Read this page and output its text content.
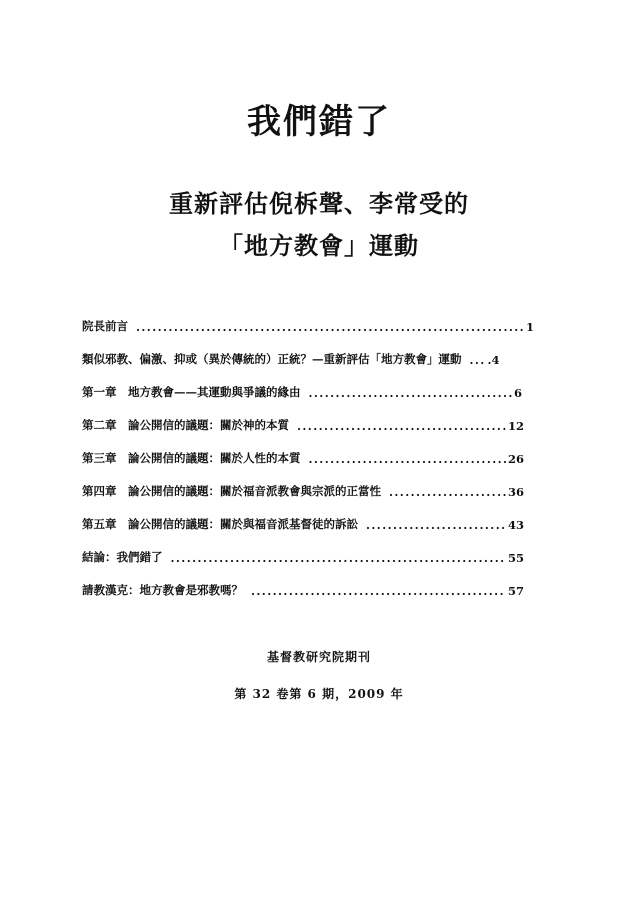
我們錯了
重新評估倪柝聲、李常受的
「地方教會」運動
院長前言 .....	1
類似邪教、偏激、抑或（異於傳統的）正統？—重新評估「地方教會」運動 ..... .4
第一章　地方教會——其運動與爭議的緣由 .....	6
第二章　論公開信的議題：關於神的本質 .....	12
第三章　論公開信的議題：關於人性的本質 .....	26
第四章　論公開信的議題：關於福音派教會與宗派的正當性 .....	36
第五章　論公開信的議題：關於與福音派基督徒的訴訟 .....	43
結論：我們錯了 .....	55
請教漢克：地方教會是邪教嗎？ .....	57
基督教研究院期刊
第 32 卷第 6 期，2009 年
